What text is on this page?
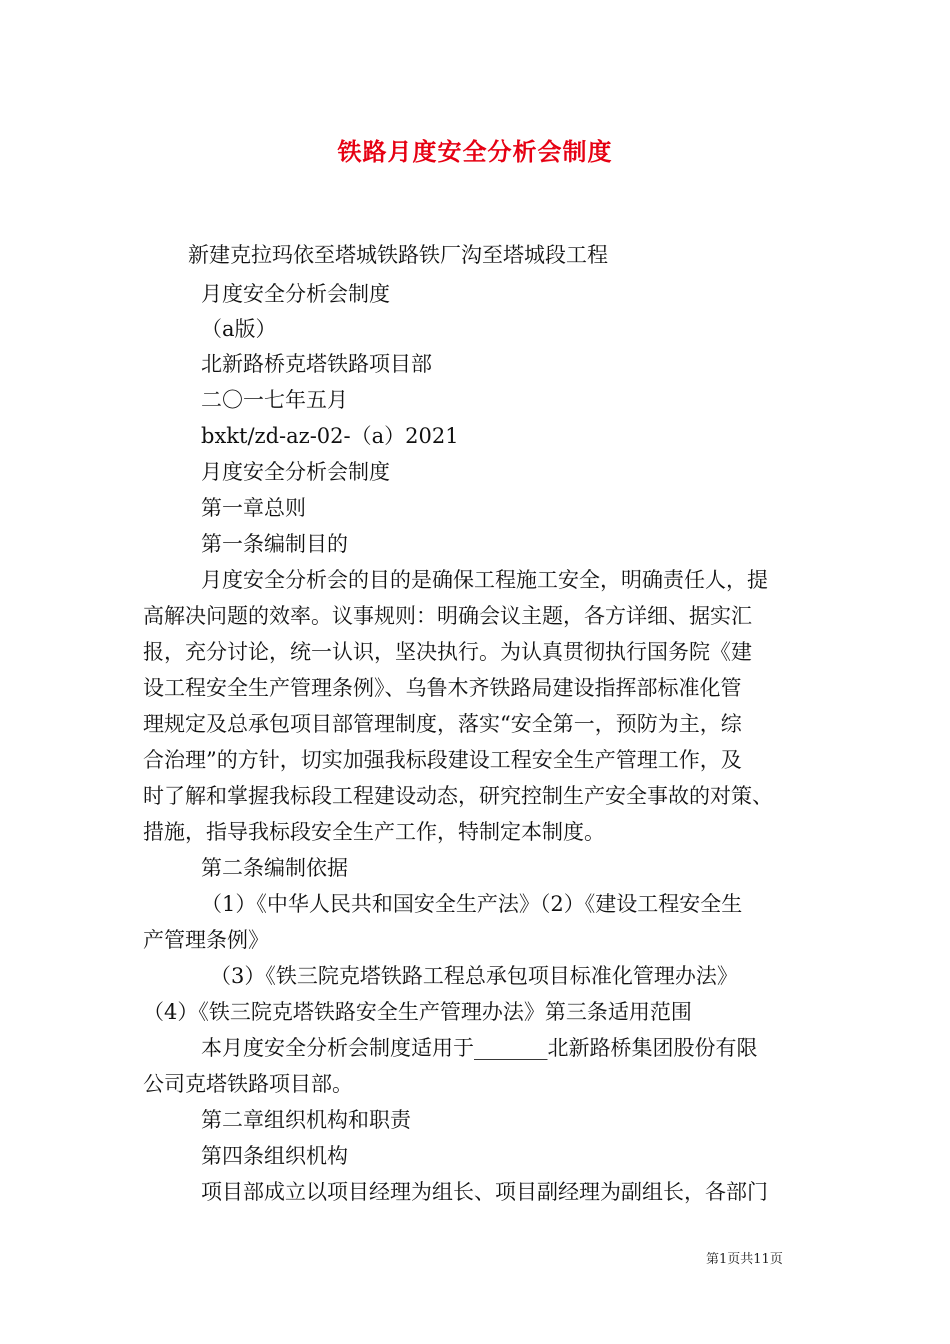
铁路月度安全分析会制度
新建克拉玛依至塔城铁路铁厂沟至塔城段工程
月度安全分析会制度
（a版）
北新路桥克塔铁路项目部
二〇一七年五月
bxkt/zd-az-02-（a）2021
月度安全分析会制度
第一章总则
第一条编制目的
月度安全分析会的目的是确保工程施工安全，明确责任人，提
高解决问题的效率。议事规则：明确会议主题，各方详细、据实汇
报，充分讨论，统一认识，坚决执行。为认真贯彻执行国务院《建
设工程安全生产管理条例》、乌鲁木齐铁路局建设指挥部标准化管
理规定及总承包项目部管理制度，落实“安全第一，预防为主，综
合治理”的方针，切实加强我标段建设工程安全生产管理工作，及
时了解和掌握我标段工程建设动态，研究控制生产安全事故的对策、
措施，指导我标段安全生产工作，特制定本制度。
第二条编制依据
（1）《中华人民共和国安全生产法》（2）《建设工程安全生
产管理条例》
（3）《铁三院克塔铁路工程总承包项目标准化管理办法》
（4）《铁三院克塔铁路安全生产管理办法》第三条适用范围
本月度安全分析会制度适用于_______北新路桥集团股份有限
公司克塔铁路项目部。
第二章组织机构和职责
第四条组织机构
项目部成立以项目经理为组长、项目副经理为副组长，各部门
第1页共11页
